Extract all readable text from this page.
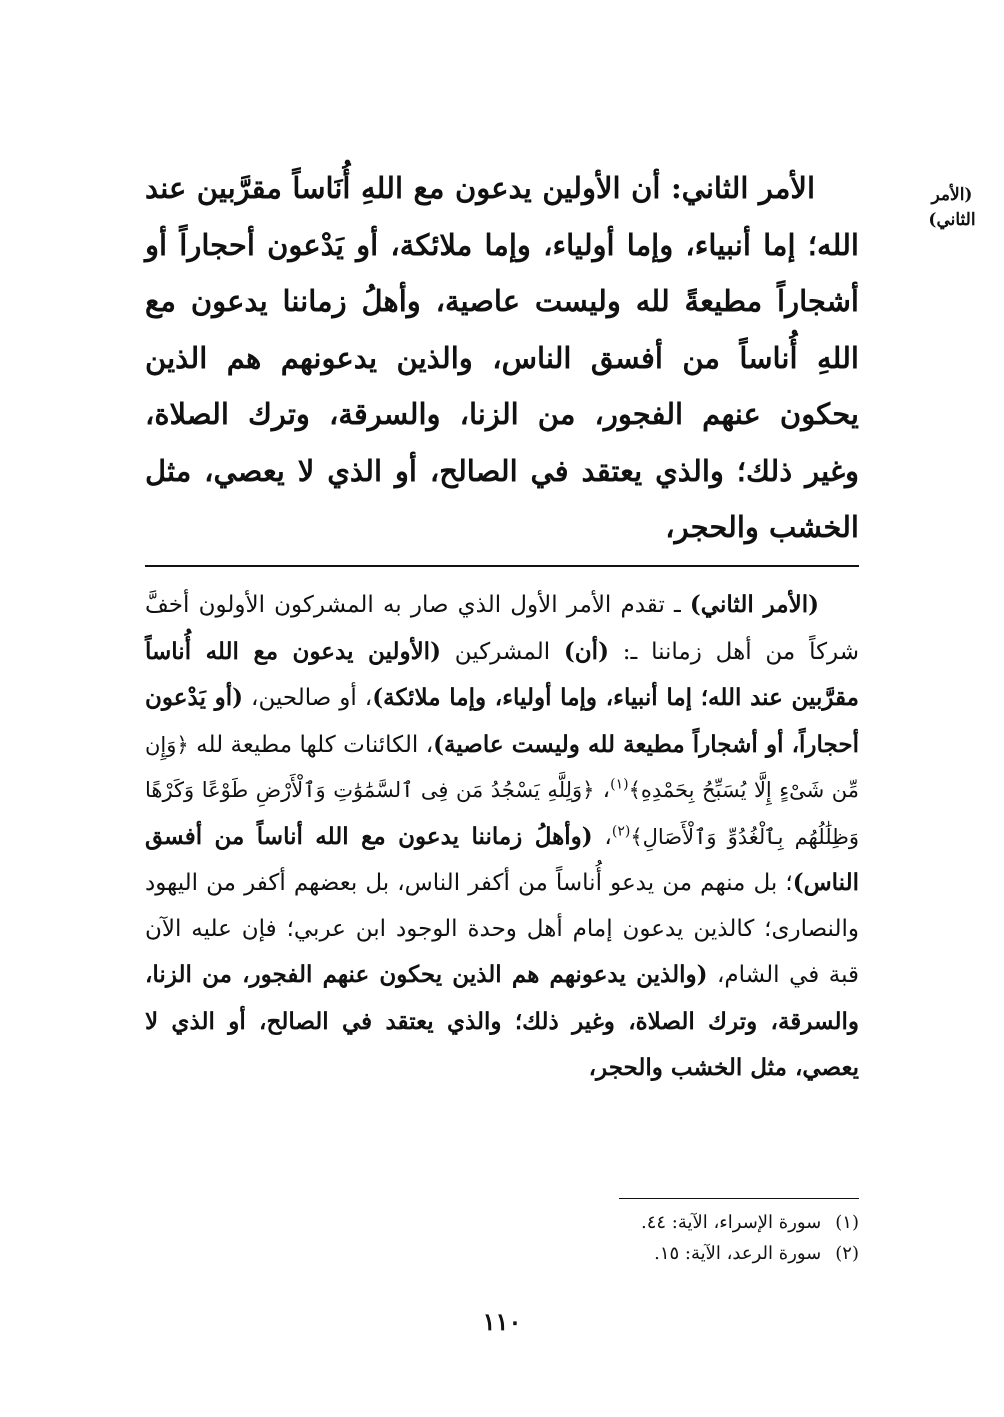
(الأمر الثاني)
الأمر الثاني: أن الأولين يدعون مع اللهِ أُنَاساً مقرَّبين عند الله؛ إما أنبياء، وإما أولياء، وإما ملائكة، أو يَدْعون أحجاراً أو أشجاراً مطيعةً لله وليست عاصية، وأهلُ زماننا يدعون مع اللهِ أُناساً من أفسق الناس، والذين يدعونهم هم الذين يحكون عنهم الفجور، من الزنا، والسرقة، وترك الصلاة، وغير ذلك؛ والذي يعتقد في الصالح، أو الذي لا يعصي، مثل الخشب والحجر،
(الأمر الثاني) ـ تقدم الأمر الأول الذي صار به المشركون الأولون أخفَّ شركاً من أهل زماننا ـ: (أن) المشركين (الأولين يدعون مع الله أُناساً مقرَّبين عند الله؛ إما أنبياء، وإما أولياء، وإما ملائكة)، أو صالحين، (أو يَدْعون أحجاراً، أو أشجاراً مطيعة لله وليست عاصية)، الكائنات كلها مطيعة لله ﴿وَإِن مِّن شَىْءٍ إِلَّا يُسَبِّحُ بِحَمْدِهِ﴾$^{(١)}$، ﴿وَلِلَّهِ يَسْجُدُ مَن فِى ٱلسَّمَٰوَٰتِ وَٱلْأَرْضِ طَوْعًا وَكَرْهًا وَظِلَٰلُهُم بِٱلْغُدُوِّ وَٱلْأَصَالِ﴾$^{(٢)}$، (وأهلُ زماننا يدعون مع الله أناساً من أفسق الناس)؛ بل منهم من يدعو أُناساً من أكفر الناس، بل بعضهم أكفر من اليهود والنصارى؛ كالذين يدعون إمام أهل وحدة الوجود ابن عربي؛ فإن عليه الآن قبة في الشام، (والذين يدعونهم هم الذين يحكون عنهم الفجور، من الزنا، والسرقة، وترك الصلاة، وغير ذلك؛ والذي يعتقد في الصالح، أو الذي لا يعصي، مثل الخشب والحجر،
(١)سورة الإسراء، الآية: ٤٤.
(٢)سورة الرعد، الآية: ١٥.
١١٠
